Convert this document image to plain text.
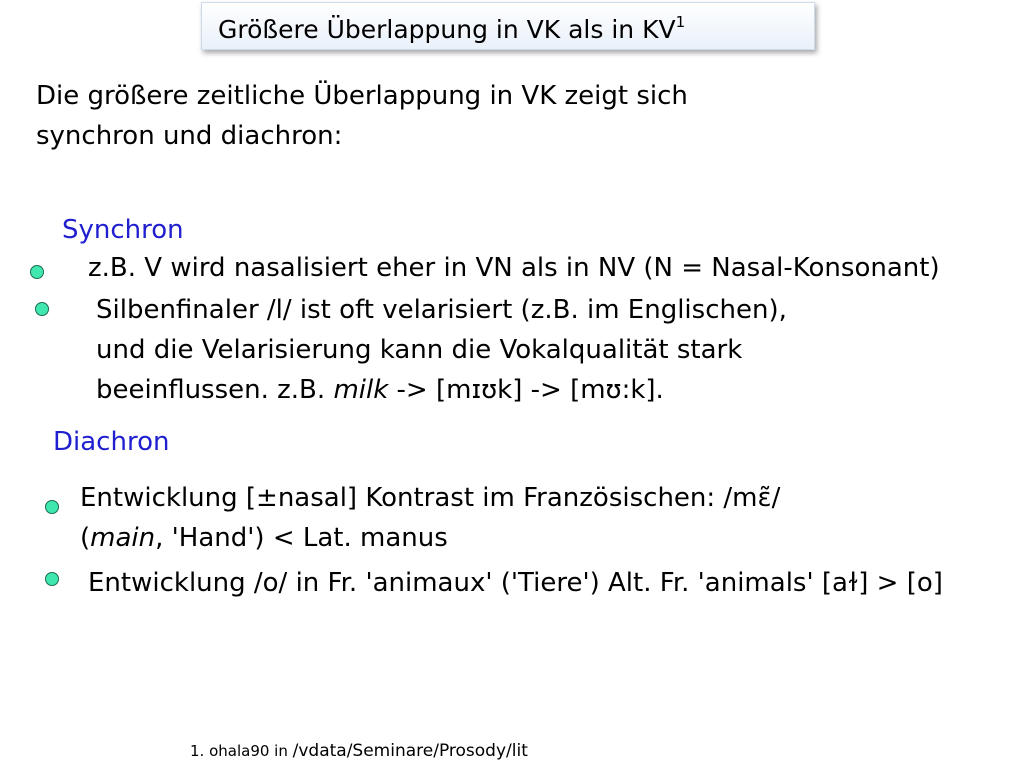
Größere Überlappung in VK als in $KV^1$
Die größere zeitliche Überlappung in VK zeigt sich
synchron und diachron:
Synchron
z.B. V wird nasalisiert eher in VN als in NV (N = Nasal-Konsonant)
Silbenfinaler /l/ ist oft velarisiert (z.B. im Englischen),
und die Velarisierung kann die Vokalqualität stark
beeinflussen. z.B. milk -> [mɪʊk] -> [mʊ:k].
Diachron
Entwicklung [±nasal] Kontrast im Französischen: /mɛ̃/
(main, 'Hand') < Lat. manus
Entwicklung /o/ in Fr. 'animaux' ('Tiere') Alt. Fr. 'animals' [aɫ] > [o]
1. ohala90 in /vdata/Seminare/Prosody/lit
